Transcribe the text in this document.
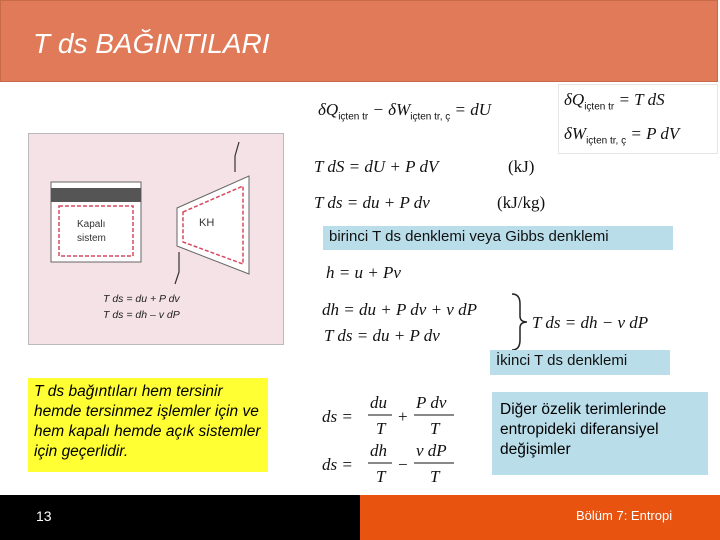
T ds BAĞINTILARI
$\delta Q_{içten tr} - \delta W_{içten tr, ç}$ = dU
$\delta Q_{içten tr} = T$ dS
$\delta W_{içten tr, ç} = P$ dV
T dS = dU + P dV	(kJ)
T ds = du + P dv	(kJ/kg)
birinci T ds denklemi veya Gibbs denklemi
h = u + Pv
dh = du + P dv + v dP
T ds = du + P dv
T ds = dh − v dP
İkinci T ds denklemi
ds =
du
T
+
P dv
T
ds =
dh
T
−
v dP
T
Kapalı
sistem
KH
T ds = du + P dv
T ds = dh – v dP
T ds bağıntıları hem tersinir hemde tersinmez işlemler için ve hem kapalı hemde açık sistemler için geçerlidir.
Diğer özelik terimlerinde entropideki diferansiyel değişimler
13	Bölüm 7: Entropi
